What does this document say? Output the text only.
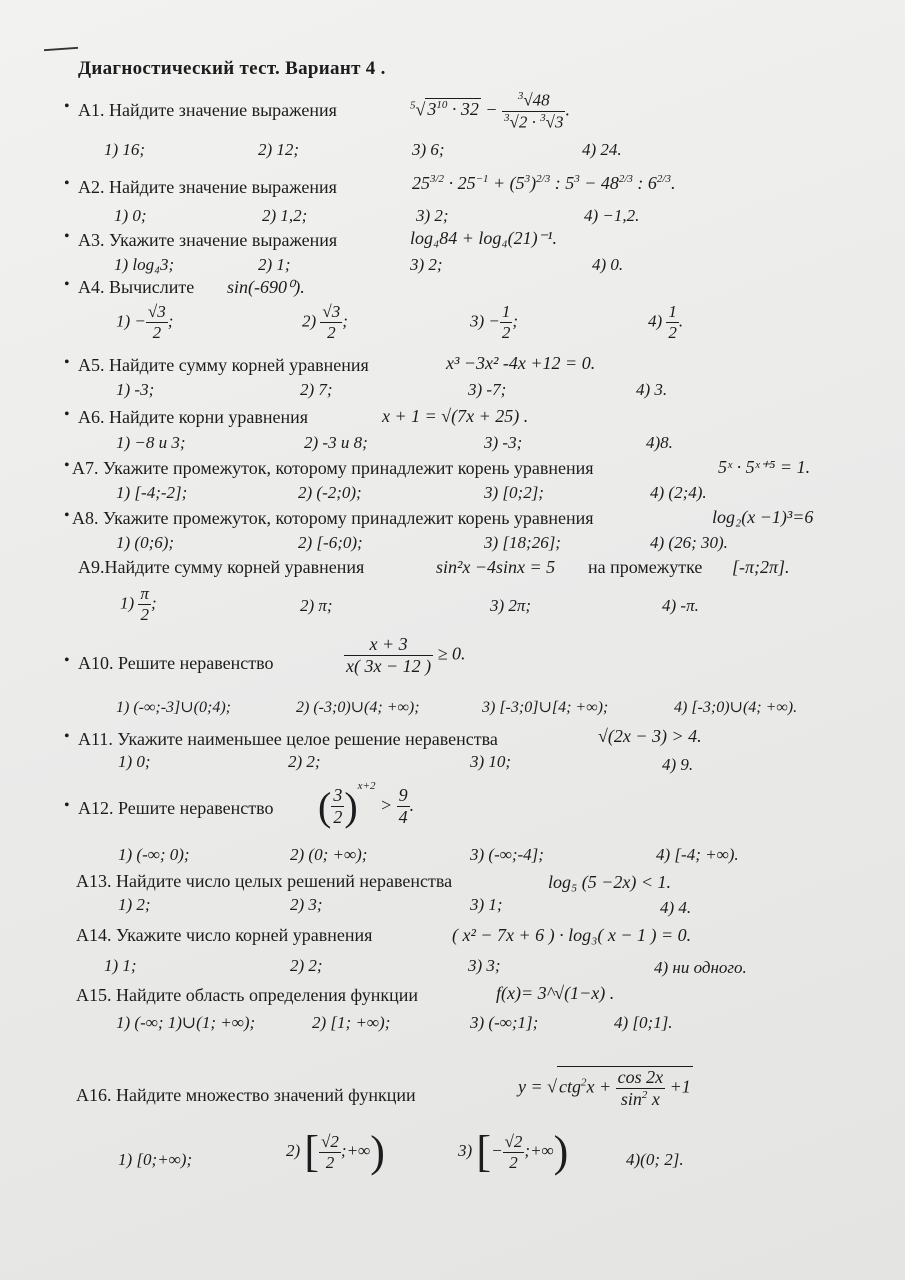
Диагностический тест. Вариант 4 .
• A1. Найдите значение выражения	$^5$√ $3^{10} \cdot 32 - \frac{^3√48}{^3√2 \cdot ^3√3}$ .
1) 16;	2) 12;	3) 6;	4) 24.
• A2. Найдите значение выражения	$25^{3/2} \cdot 25^{-1} + (5^3)^{2/3}$ : $5^3 - 48^{2/3}$ : $6^{2/3}$.
1) 0;	2) 1,2;	3) 2;	4) −1,2.
• A3. Укажите значение выражения	log₄84 + log₄(21)⁻¹.
1) log₄3;	2) 1;	3) 2;	4) 0.
• A4. Вычислите sin(-690⁰).
$1) - \frac{√3}{2}$ ;	$2) \frac{√3}{2}$ ;	$3) - \frac{1}{2}$ ;	$4) \frac{1}{2}$ .
• A5. Найдите сумму корней уравнения	x³ −3x² -4x +12 = 0.
1) -3;	2) 7;	3) -7;	4) 3.
• A6. Найдите корни уравнения	x + 1 = √(7x + 25) .
1) −8 и 3;	2) -3 и 8;	3) -3;	4)8.
• A7. Укажите промежуток, которому принадлежит корень уравнения	5ˣ · 5ˣ⁺⁵ = 1.
1) [-4;-2];	2) (-2;0);	3) [0;2];	4) (2;4).
• A8. Укажите промежуток, которому принадлежит корень уравнения	log₂(x −1)³=6
1) (0;6);	2) [-6;0);	3) [18;26];	4) (26; 30).
A9.Найдите сумму корней уравнения	sin²x −4sinx = 5 на промежутке [-π;2π].
$1) \frac{\pi}{2}$ ;	2) π;	3) 2π;	4) -π.
• A10. Решите неравенство	$\frac{x + 3}{x( 3x - 12 )} \ge 0$.
1) (-∞;-3]∪(0;4);	2) (-3;0)∪(4; +∞);	3) [-3;0]∪[4; +∞);	4) [-3;0)∪(4; +∞).
• A11. Укажите наименьшее целое решение неравенства	√(2x − 3) > 4.
1) 0;	2) 2;	3) 10;	4) 9.
• A12. Решите неравенство ( $\frac{3}{2} )^{x+2} > \frac{9}{4}$ .
1) (-∞; 0);	2) (0; +∞);	3) (-∞;-4];	4) [-4; +∞).
A13. Найдите число целых решений неравенства	log₅ (5 −2x) < 1.
1) 2;	2) 3;	3) 1;	4) 4.
A14. Укажите число корней уравнения	( x² − 7x + 6 ) · log₃( x − 1 ) = 0.
1) 1;	2) 2;	3) 3;	4) ни одного.
A15. Найдите область определения функции	f(x)= 3^√(1−x) .
1) (-∞; 1)∪(1; +∞);	2) [1; +∞);	3) (-∞;1];	4) [0;1].
A16. Найдите множество значений функции	y = √ $ctg^2x + \frac{\cos 2x}{\sin^2 x} +1$
1) [0;+∞);	2) [ $\frac{√2}{2}$ ;+∞)	3) [− $\frac{√2}{2}$ ;+∞)	4)(0; 2].
